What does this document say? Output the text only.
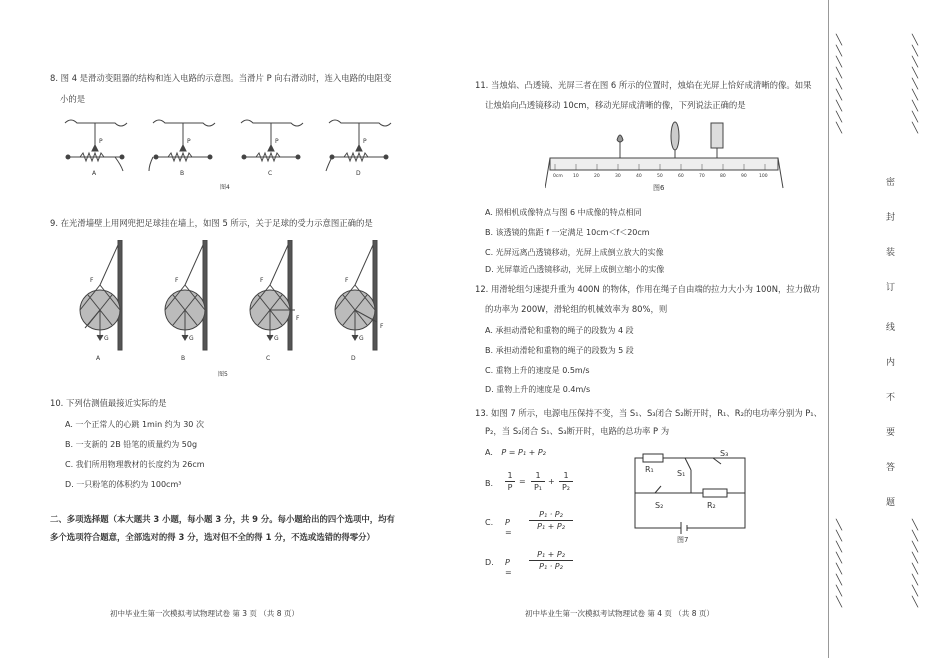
8. 图 4 是滑动变阻器的结构和连入电路的示意图。当滑片 P 向右滑动时，连入电路的电阻变
小的是
P	P	P	P
A	B	C	D
图4
9. 在光滑墙壁上用网兜把足球挂在墙上，如图 5 所示，关于足球的受力示意图正确的是
F
G
F
G
F
G
F
F
G
F
A	B	C	D
图5
10. 下列估测值最接近实际的是
A. 一个正常人的心跳 1min 约为 30 次
B. 一支新的 2B 铅笔的质量约为 50g
C. 我们所用物理教材的长度约为 26cm
D. 一只粉笔的体积约为 100cm³
二、多项选择题（本大题共 3 小题，每小题 3 分，共 9 分。每小题给出的四个选项中，均有
多个选项符合题意，全部选对的得 3 分，选对但不全的得 1 分，不选或选错的得零分）
初中毕业生第一次模拟考试物理试卷 第 3 页 （共 8 页）
11. 当烛焰、凸透镜、光屏三者在图 6 所示的位置时，烛焰在光屏上恰好成清晰的像。如果
让烛焰向凸透镜移动 10cm，移动光屏成清晰的像，下列说法正确的是
0cm 10	20	30	40	50	60	70	80	90	100
图6
A. 照相机成像特点与图 6 中成像的特点相同
B. 该透镜的焦距 f 一定满足 10cm＜f＜20cm
C. 光屏远离凸透镜移动，光屏上成倒立放大的实像
D. 光屏靠近凸透镜移动，光屏上成倒立缩小的实像
12. 用滑轮组匀速提升重为 400N 的物体，作用在绳子自由端的拉力大小为 100N，拉力做功
的功率为 200W，滑轮组的机械效率为 80%，则
A. 承担动滑轮和重物的绳子的段数为 4 段
B. 承担动滑轮和重物的绳子的段数为 5 段
C. 重物上升的速度是 0.5m/s
D. 重物上升的速度是 0.4m/s
13. 如图 7 所示，电源电压保持不变，当 S₁、S₃闭合 S₂断开时，R₁、R₂的电功率分别为 P₁、
P₂，当 S₂闭合 S₁、S₃断开时，电路的总功率 P 为
A. P = P₁ + P₂
B.
1
P
=
1
P₁
+
1
P₂
C. P =
P₁ · P₂
P₁ + P₂
D. P =
P₁ + P₂
P₁ · P₂
R₁	S₁
S₃
S₂	R₂
图7
初中毕业生第一次模拟考试物理试卷 第 4 页 （共 8 页）
╲
╲
╲
╲
╲
╲
╲
╲
╲
╲
╲
╲
╲
╲
╲
╲
╲
╲
╲
╲
╲
╲
╲
╲
╲
╲
╲
╲
╲
╲
╲
╲
╲
╲
密
封
装
订
线
内
不
要
答
题
